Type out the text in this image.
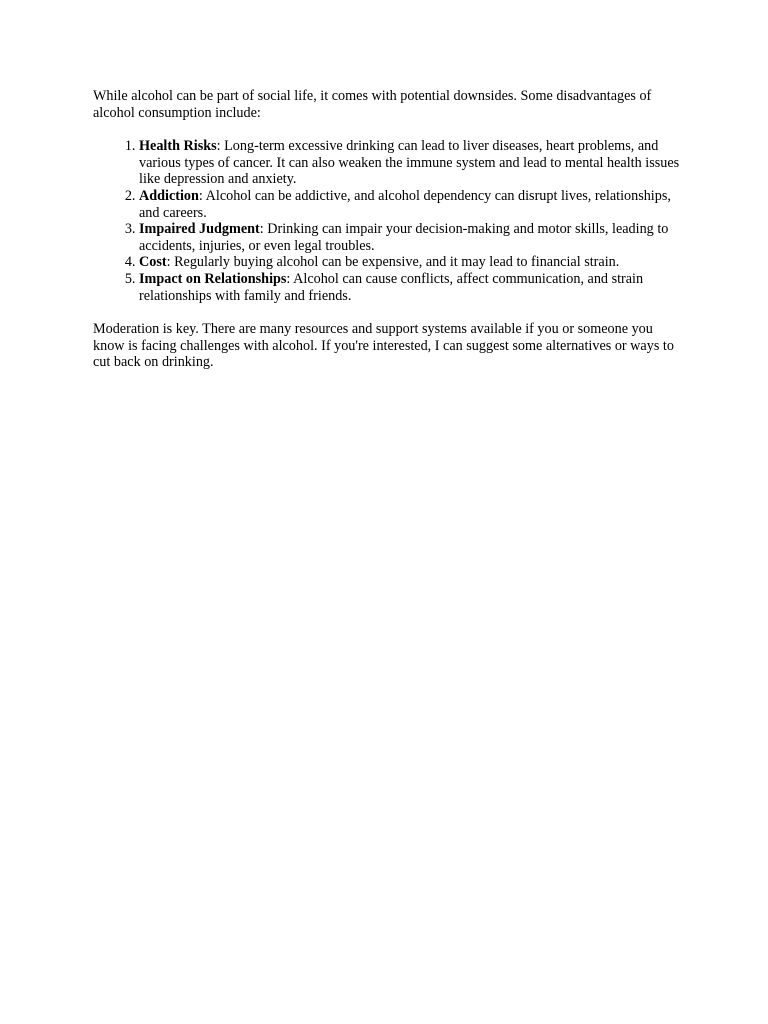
While alcohol can be part of social life, it comes with potential downsides. Some disadvantages of alcohol consumption include:

1. Health Risks: Long-term excessive drinking can lead to liver diseases, heart problems, and various types of cancer. It can also weaken the immune system and lead to mental health issues like depression and anxiety.
2. Addiction: Alcohol can be addictive, and alcohol dependency can disrupt lives, relationships, and careers.
3. Impaired Judgment: Drinking can impair your decision-making and motor skills, leading to accidents, injuries, or even legal troubles.
4. Cost: Regularly buying alcohol can be expensive, and it may lead to financial strain.
5. Impact on Relationships: Alcohol can cause conflicts, affect communication, and strain relationships with family and friends.

Moderation is key. There are many resources and support systems available if you or someone you know is facing challenges with alcohol. If you're interested, I can suggest some alternatives or ways to cut back on drinking.
